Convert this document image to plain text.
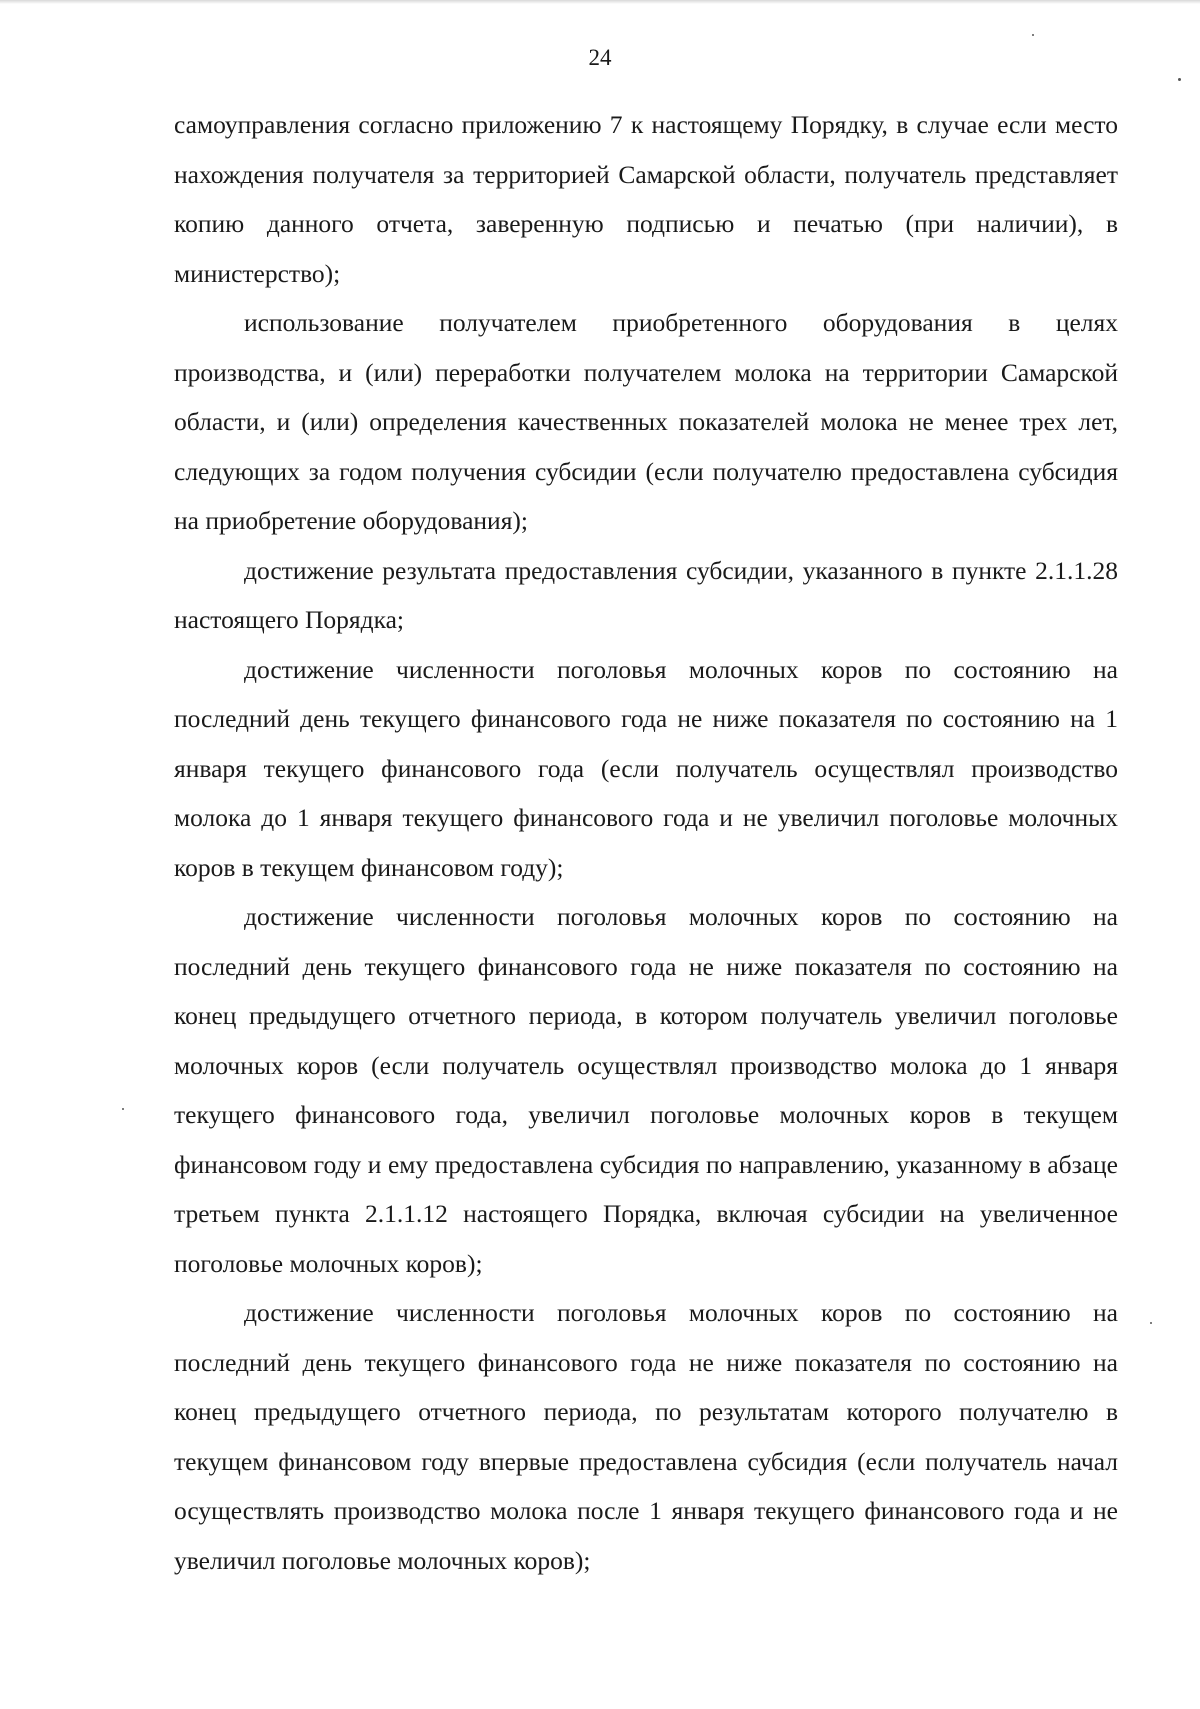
24

самоуправления согласно приложению 7 к настоящему Порядку, в случае если место нахождения получателя за территорией Самарской области, получатель представляет копию данного отчета, заверенную подписью и печатью (при наличии), в министерство);

использование получателем приобретенного оборудования в целях производства, и (или) переработки получателем молока на территории Самарской области, и (или) определения качественных показателей молока не менее трех лет, следующих за годом получения субсидии (если получателю предоставлена субсидия на приобретение оборудования);

достижение результата предоставления субсидии, указанного в пункте 2.1.1.28 настоящего Порядка;

достижение численности поголовья молочных коров по состоянию на последний день текущего финансового года не ниже показателя по состоянию на 1 января текущего финансового года (если получатель осуществлял производство молока до 1 января текущего финансового года и не увеличил поголовье молочных коров в текущем финансовом году);

достижение численности поголовья молочных коров по состоянию на последний день текущего финансового года не ниже показателя по состоянию на конец предыдущего отчетного периода, в котором получатель увеличил поголовье молочных коров (если получатель осуществлял производство молока до 1 января текущего финансового года, увеличил поголовье молочных коров в текущем финансовом году и ему предоставлена субсидия по направлению, указанному в абзаце третьем пункта 2.1.1.12 настоящего Порядка, включая субсидии на увеличенное поголовье молочных коров);

достижение численности поголовья молочных коров по состоянию на последний день текущего финансового года не ниже показателя по состоянию на конец предыдущего отчетного периода, по результатам которого получателю в текущем финансовом году впервые предоставлена субсидия (если получатель начал осуществлять производство молока после 1 января текущего финансового года и не увеличил поголовье молочных коров);
